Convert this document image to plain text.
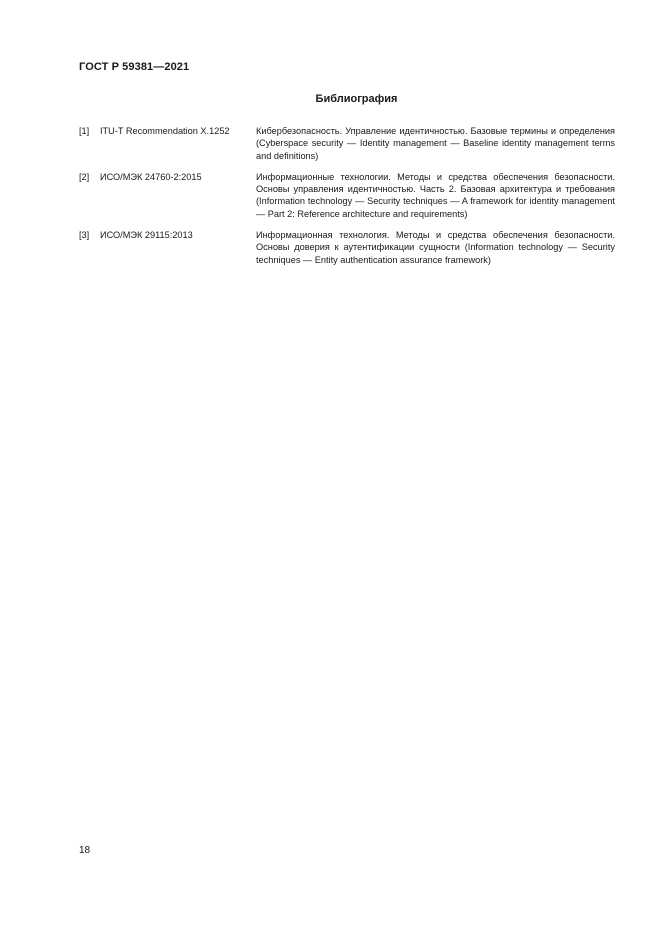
ГОСТ Р 59381—2021
Библиография
[1] ITU-T Recommendation X.1252	Кибербезопасность. Управление идентичностью. Базовые термины и определения (Cyberspace security — Identity management — Baseline identity management terms and definitions)
[2] ИСО/МЭК 24760-2:2015	Информационные технологии. Методы и средства обеспечения безопасности. Основы управления идентичностью. Часть 2. Базовая архитектура и требования (Information technology — Security techniques — A framework for identity management — Part 2: Reference architecture and requirements)
[3] ИСО/МЭК 29115:2013	Информационная технология. Методы и средства обеспечения безопасности. Основы доверия к аутентификации сущности (Information technology — Security techniques — Entity authentication assurance framework)
18
